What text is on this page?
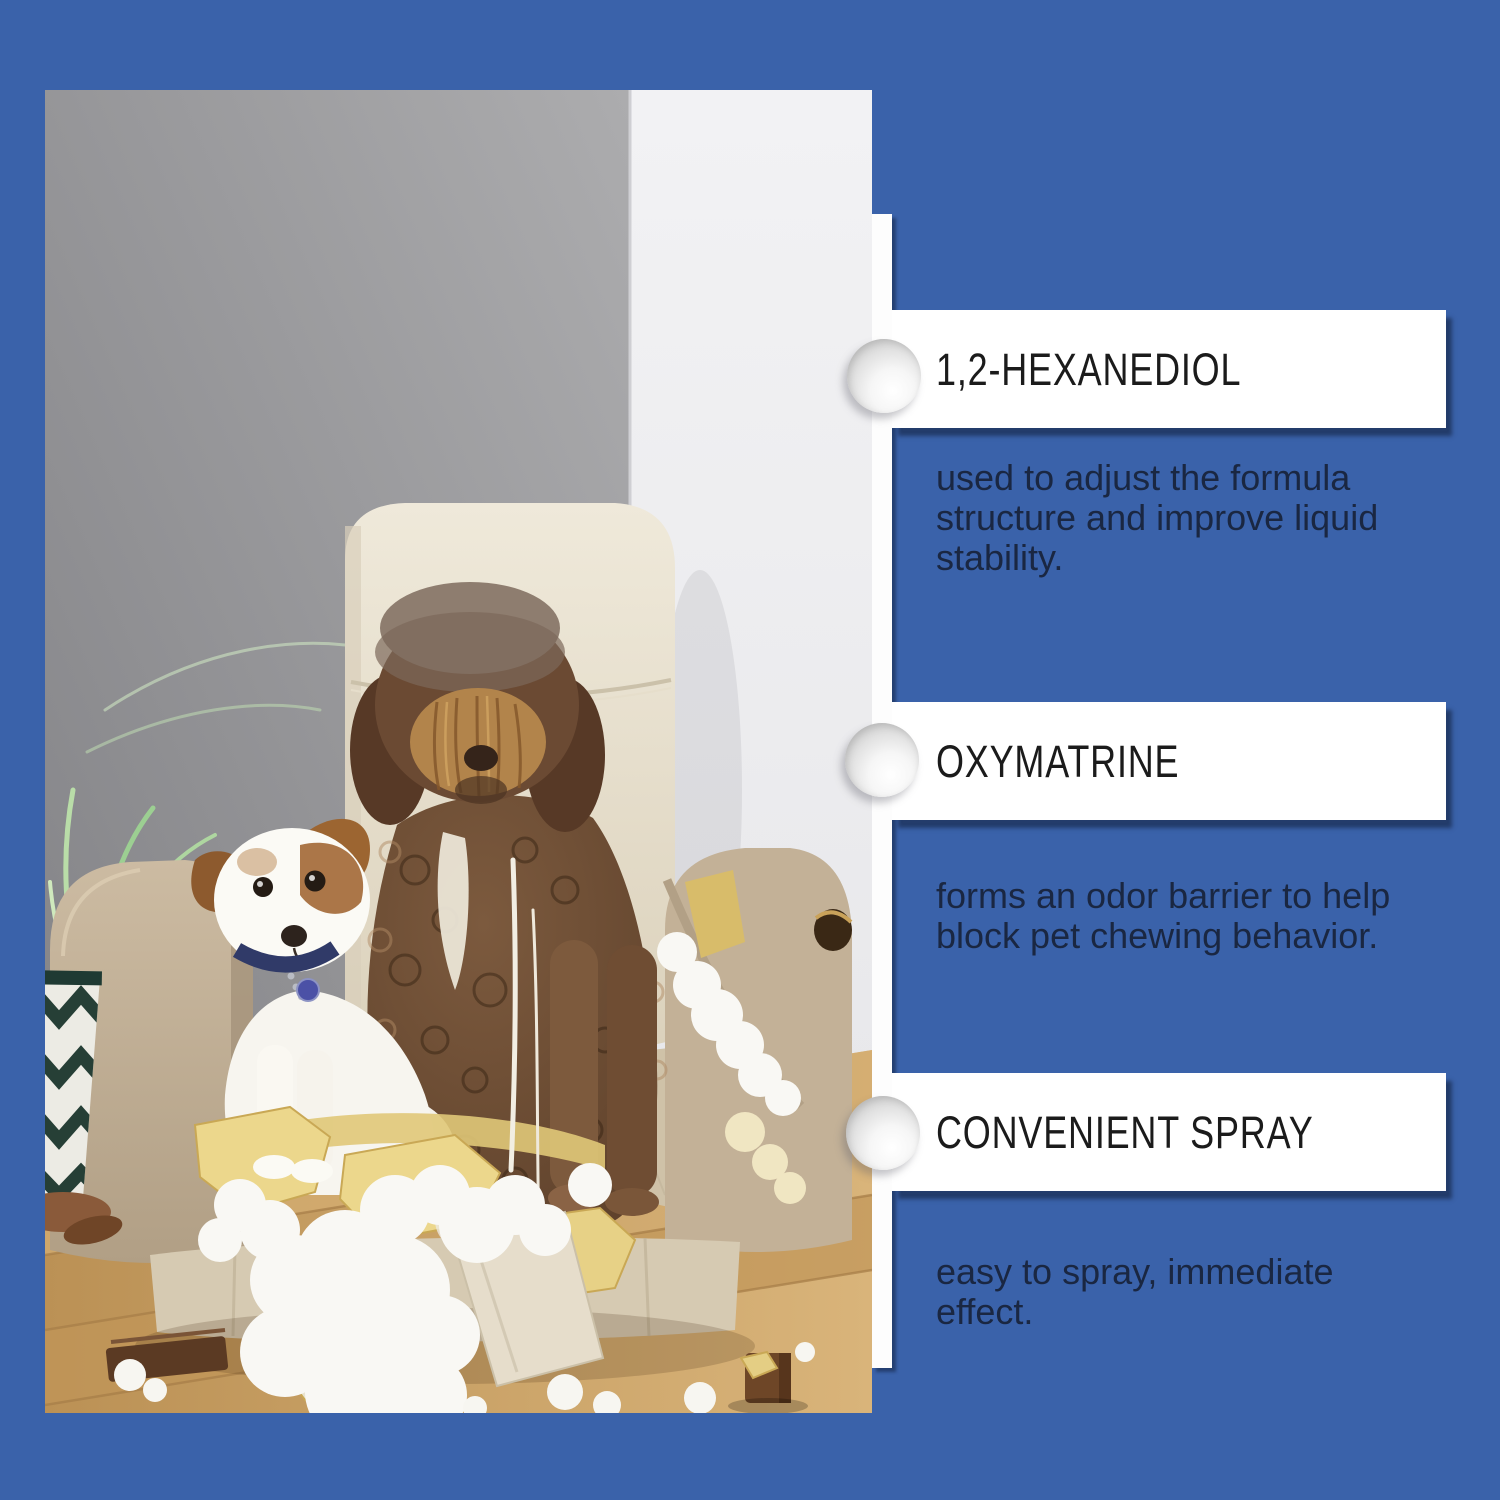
1,2-HEXANEDIOL
used to adjust the formula
structure and improve liquid
stability.
OXYMATRINE
forms an odor barrier to help
block pet chewing behavior.
CONVENIENT SPRAY
easy to spray, immediate
effect.
